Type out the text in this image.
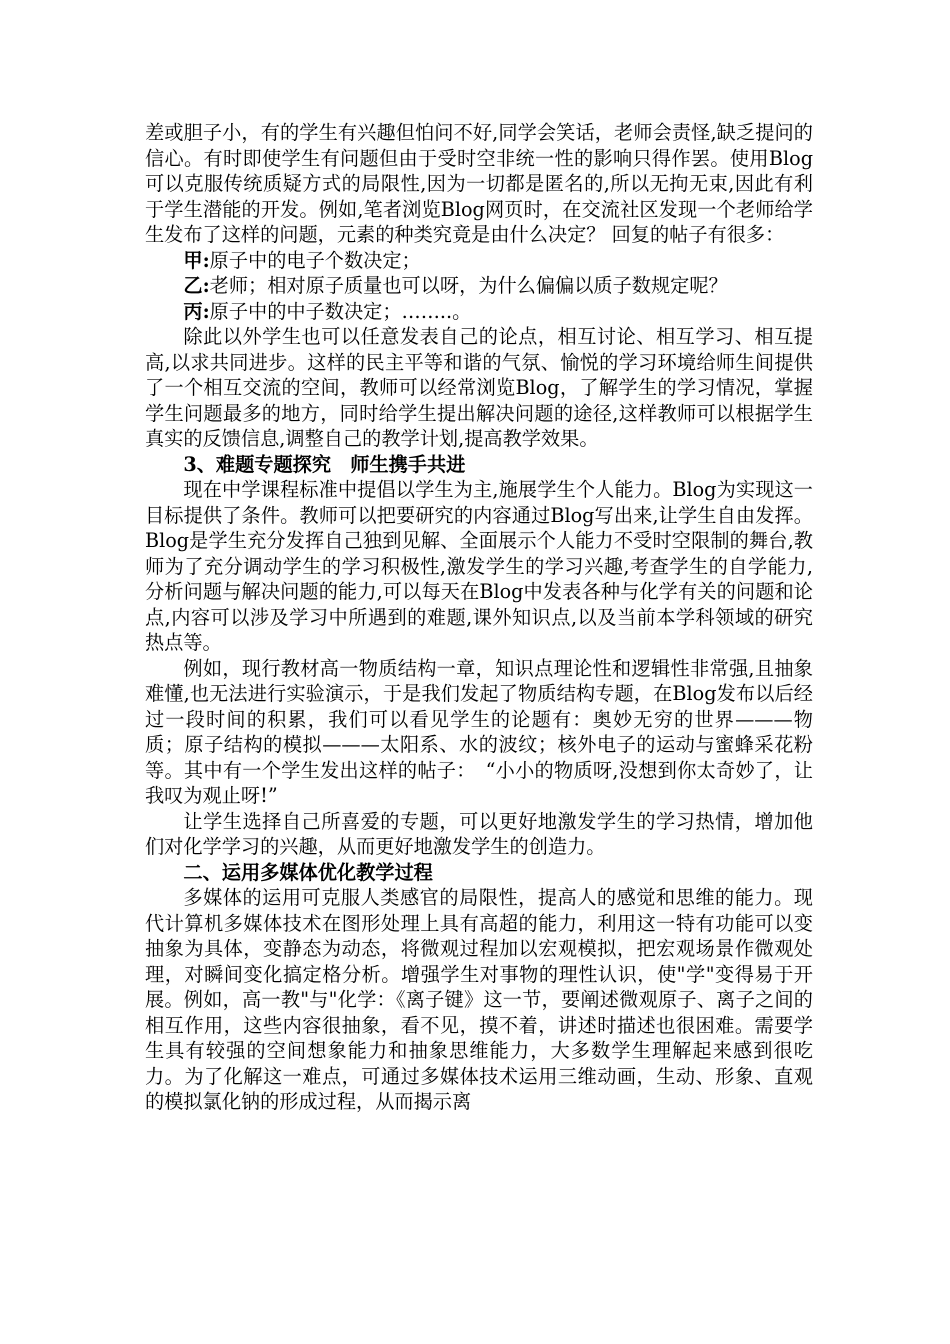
差或胆子小，有的学生有兴趣但怕问不好,同学会笑话，老师会责怪,缺乏提问的信心。有时即使学生有问题但由于受时空非统一性的影响只得作罢。使用Blog可以克服传统质疑方式的局限性,因为一切都是匿名的,所以无拘无束,因此有利于学生潜能的开发。例如,笔者浏览Blog网页时，在交流社区发现一个老师给学生发布了这样的问题，元素的种类究竟是由什么决定？ 回复的帖子有很多：

甲:原子中的电子个数决定；

乙:老师；相对原子质量也可以呀，为什么偏偏以质子数规定呢？

丙:原子中的中子数决定；……..。

除此以外学生也可以任意发表自己的论点，相互讨论、相互学习、相互提高,以求共同进步。这样的民主平等和谐的气氛、愉悦的学习环境给师生间提供了一个相互交流的空间，教师可以经常浏览Blog，了解学生的学习情况，掌握学生问题最多的地方，同时给学生提出解决问题的途径,这样教师可以根据学生真实的反馈信息,调整自己的教学计划,提高教学效果。

3、难题专题探究　师生携手共进

现在中学课程标准中提倡以学生为主,施展学生个人能力。Blog为实现这一目标提供了条件。教师可以把要研究的内容通过Blog写出来,让学生自由发挥。Blog是学生充分发挥自己独到见解、全面展示个人能力不受时空限制的舞台,教师为了充分调动学生的学习积极性,激发学生的学习兴趣,考查学生的自学能力,分析问题与解决问题的能力,可以每天在Blog中发表各种与化学有关的问题和论点,内容可以涉及学习中所遇到的难题,课外知识点,以及当前本学科领域的研究热点等。

例如，现行教材高一物质结构一章，知识点理论性和逻辑性非常强,且抽象难懂,也无法进行实验演示，于是我们发起了物质结构专题，在Blog发布以后经过一段时间的积累，我们可以看见学生的论题有：奥妙无穷的世界———物质；原子结构的模拟———太阳系、水的波纹；核外电子的运动与蜜蜂采花粉等。其中有一个学生发出这样的帖子：　“小小的物质呀,没想到你太奇妙了，让我叹为观止呀!”

让学生选择自己所喜爱的专题，可以更好地激发学生的学习热情，增加他们对化学学习的兴趣，从而更好地激发学生的创造力。

二、运用多媒体优化教学过程

多媒体的运用可克服人类感官的局限性，提高人的感觉和思维的能力。现代计算机多媒体技术在图形处理上具有高超的能力，利用这一特有功能可以变抽象为具体，变静态为动态，将微观过程加以宏观模拟，把宏观场景作微观处理，对瞬间变化搞定格分析。增强学生对事物的理性认识，使"学"变得易于开展。例如，高一教"与"化学：《离子键》这一节，要阐述微观原子、离子之间的相互作用，这些内容很抽象，看不见，摸不着，讲述时描述也很困难。需要学生具有较强的空间想象能力和抽象思维能力，大多数学生理解起来感到很吃力。为了化解这一难点，可通过多媒体技术运用三维动画，生动、形象、直观的模拟氯化钠的形成过程，从而揭示离
